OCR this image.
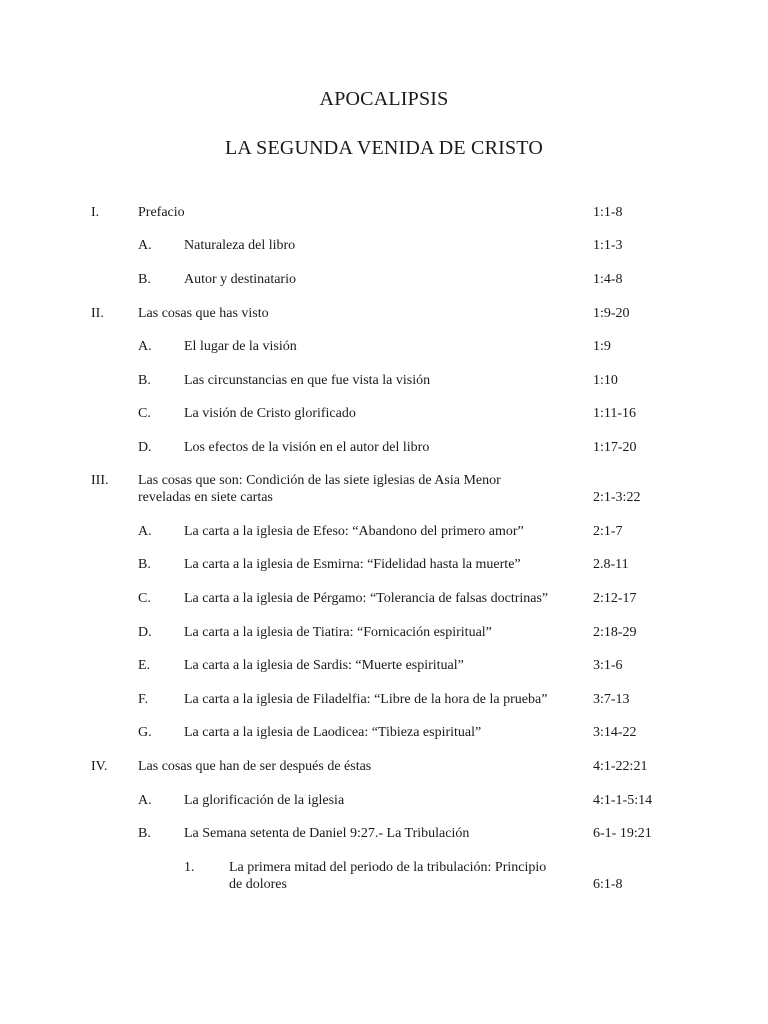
APOCALIPSIS
LA SEGUNDA VENIDA DE CRISTO
I.	Prefacio	1:1-8
A. Naturaleza del libro	1:1-3
B. Autor y destinatario	1:4-8
II. Las cosas que has visto	1:9-20
A. El lugar de la visión	1:9
B. Las circunstancias en que fue vista la visión	1:10
C. La visión de Cristo glorificado	1:11-16
D. Los efectos de la visión en el autor del libro	1:17-20
III. Las cosas que son: Condición de las siete iglesias de Asia Menor
reveladas en siete cartas	2:1-3:22
A. La carta a la iglesia de Efeso: “Abandono del primero amor”	2:1-7
B. La carta a la iglesia de Esmirna: “Fidelidad hasta la muerte”	2.8-11
C. La carta a la iglesia de Pérgamo: “Tolerancia de falsas doctrinas”	2:12-17
D. La carta a la iglesia de Tiatira: “Fornicación espiritual”	2:18-29
E. La carta a la iglesia de Sardis: “Muerte espiritual”	3:1-6
F.	La carta a la iglesia de Filadelfia: “Libre de la hora de la prueba”	3:7-13
G. La carta a la iglesia de Laodicea: “Tibieza espiritual”	3:14-22
IV. Las cosas que han de ser después de éstas	4:1-22:21
A. La glorificación de la iglesia	4:1-1-5:14
B. La Semana setenta de Daniel 9:27.- La Tribulación	6-1- 19:21
1. La primera mitad del periodo de la tribulación: Principio
de dolores	6:1-8
